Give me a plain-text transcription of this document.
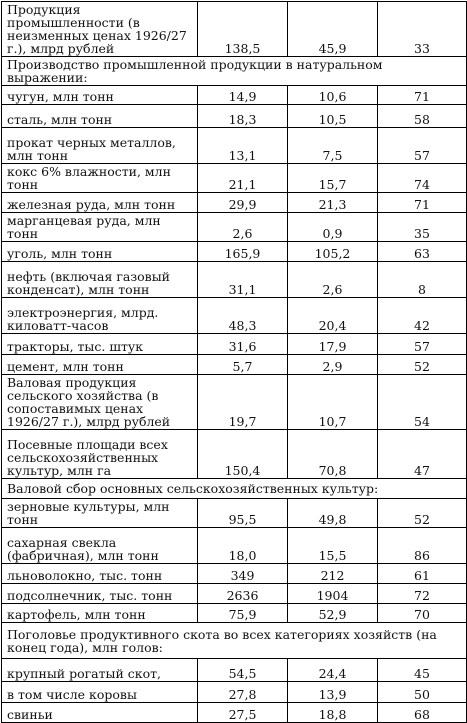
Продукция промышленности (в неизменных ценах 1926/27 г.), млрд рублей	138,5	45,9	33
Производство промышленной продукции в натуральном выражении:			
чугун, млн тонн	14,9	10,6	71
сталь, млн тонн	18,3	10,5	58
прокат черных металлов, млн тонн	13,1	7,5	57
кокс 6% влажности, млн тонн	21,1	15,7	74
железная руда, млн тонн	29,9	21,3	71
марганцевая руда, млн тонн	2,6	0,9	35
уголь, млн тонн	165,9	105,2	63
нефть (включая газовый конденсат), млн тонн	31,1	2,6	8
электроэнергия, млрд. киловатт-часов	48,3	20,4	42
тракторы, тыс. штук	31,6	17,9	57
цемент, млн тонн	5,7	2,9	52
Валовая продукция сельского хозяйства (в сопоставимых ценах 1926/27 г.), млрд рублей	19,7	10,7	54
Посевные площади всех сельскохозяйственных культур, млн га	150,4	70,8	47
Валовой сбор основных сельскохозяйственных культур:			
зерновые культуры, млн тонн	95,5	49,8	52
сахарная свекла (фабричная), млн тонн	18,0	15,5	86
льноволокно, тыс. тонн	349	212	61
подсолнечник, тыс. тонн	2636	1904	72
картофель, млн тонн	75,9	52,9	70
Поголовье продуктивного скота во всех категориях хозяйств (на конец года), млн голов:			
крупный рогатый скот,	54,5	24,4	45
в том числе коровы	27,8	13,9	50
свиньи	27,5	18,8	68
